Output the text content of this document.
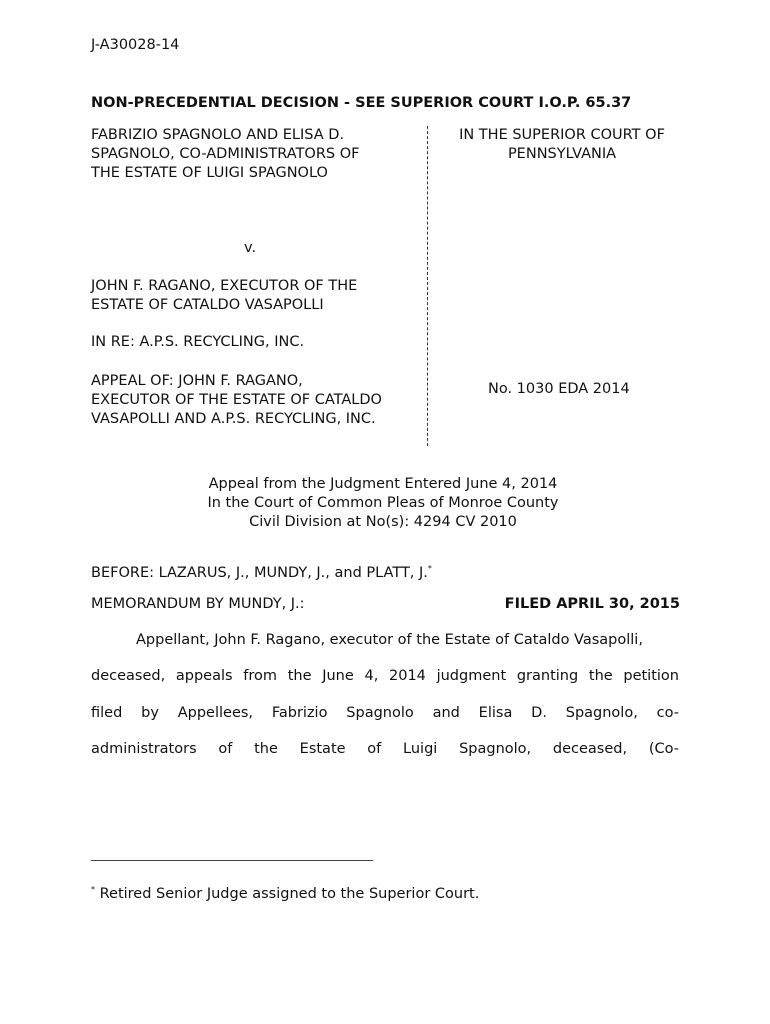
J-A30028-14
NON-PRECEDENTIAL DECISION - SEE SUPERIOR COURT I.O.P. 65.37
FABRIZIO SPAGNOLO AND ELISA D.
SPAGNOLO, CO-ADMINISTRATORS OF
THE ESTATE OF LUIGI SPAGNOLO
v.
JOHN F. RAGANO, EXECUTOR OF THE
ESTATE OF CATALDO VASAPOLLI
IN RE: A.P.S. RECYCLING, INC.
APPEAL OF: JOHN F. RAGANO,
EXECUTOR OF THE ESTATE OF CATALDO
VASAPOLLI AND A.P.S. RECYCLING, INC.
IN THE SUPERIOR COURT OF
PENNSYLVANIA
No. 1030 EDA 2014
Appeal from the Judgment Entered June 4, 2014
In the Court of Common Pleas of Monroe County
Civil Division at No(s): 4294 CV 2010
BEFORE: LAZARUS, J., MUNDY, J., and PLATT, J.*
MEMORANDUM BY MUNDY, J.:	FILED APRIL 30, 2015
Appellant, John F. Ragano, executor of the Estate of Cataldo Vasapolli,
deceased, appeals from the June 4, 2014 judgment granting the petition
filed by Appellees, Fabrizio Spagnolo and Elisa D. Spagnolo, co-
administrators of the Estate of Luigi Spagnolo, deceased, (Co-
* Retired Senior Judge assigned to the Superior Court.
